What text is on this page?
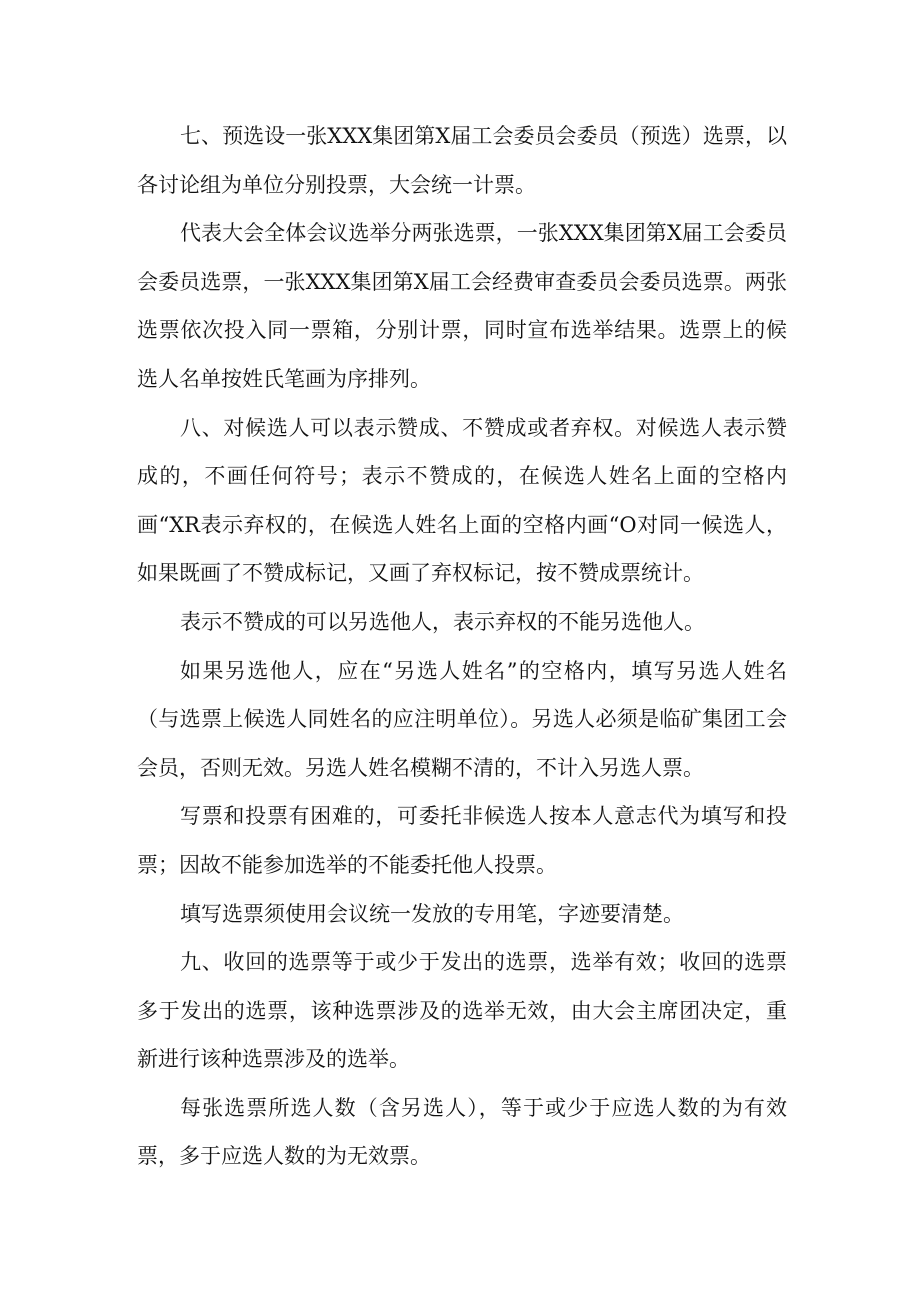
七、预选设一张XXX集团第X届工会委员会委员（预选）选票，以各讨论组为单位分别投票，大会统一计票。

代表大会全体会议选举分两张选票，一张XXX集团第X届工会委员会委员选票，一张XXX集团第X届工会经费审查委员会委员选票。两张选票依次投入同一票箱，分别计票，同时宣布选举结果。选票上的候选人名单按姓氏笔画为序排列。

八、对候选人可以表示赞成、不赞成或者弃权。对候选人表示赞成的，不画任何符号；表示不赞成的，在候选人姓名上面的空格内画“XR表示弃权的，在候选人姓名上面的空格内画“O对同一候选人，如果既画了不赞成标记，又画了弃权标记，按不赞成票统计。

表示不赞成的可以另选他人，表示弃权的不能另选他人。

如果另选他人，应在“另选人姓名”的空格内，填写另选人姓名（与选票上候选人同姓名的应注明单位）。另选人必须是临矿集团工会会员，否则无效。另选人姓名模糊不清的，不计入另选人票。

写票和投票有困难的，可委托非候选人按本人意志代为填写和投票；因故不能参加选举的不能委托他人投票。

填写选票须使用会议统一发放的专用笔，字迹要清楚。

九、收回的选票等于或少于发出的选票，选举有效；收回的选票多于发出的选票，该种选票涉及的选举无效，由大会主席团决定，重新进行该种选票涉及的选举。

每张选票所选人数（含另选人），等于或少于应选人数的为有效票，多于应选人数的为无效票。
